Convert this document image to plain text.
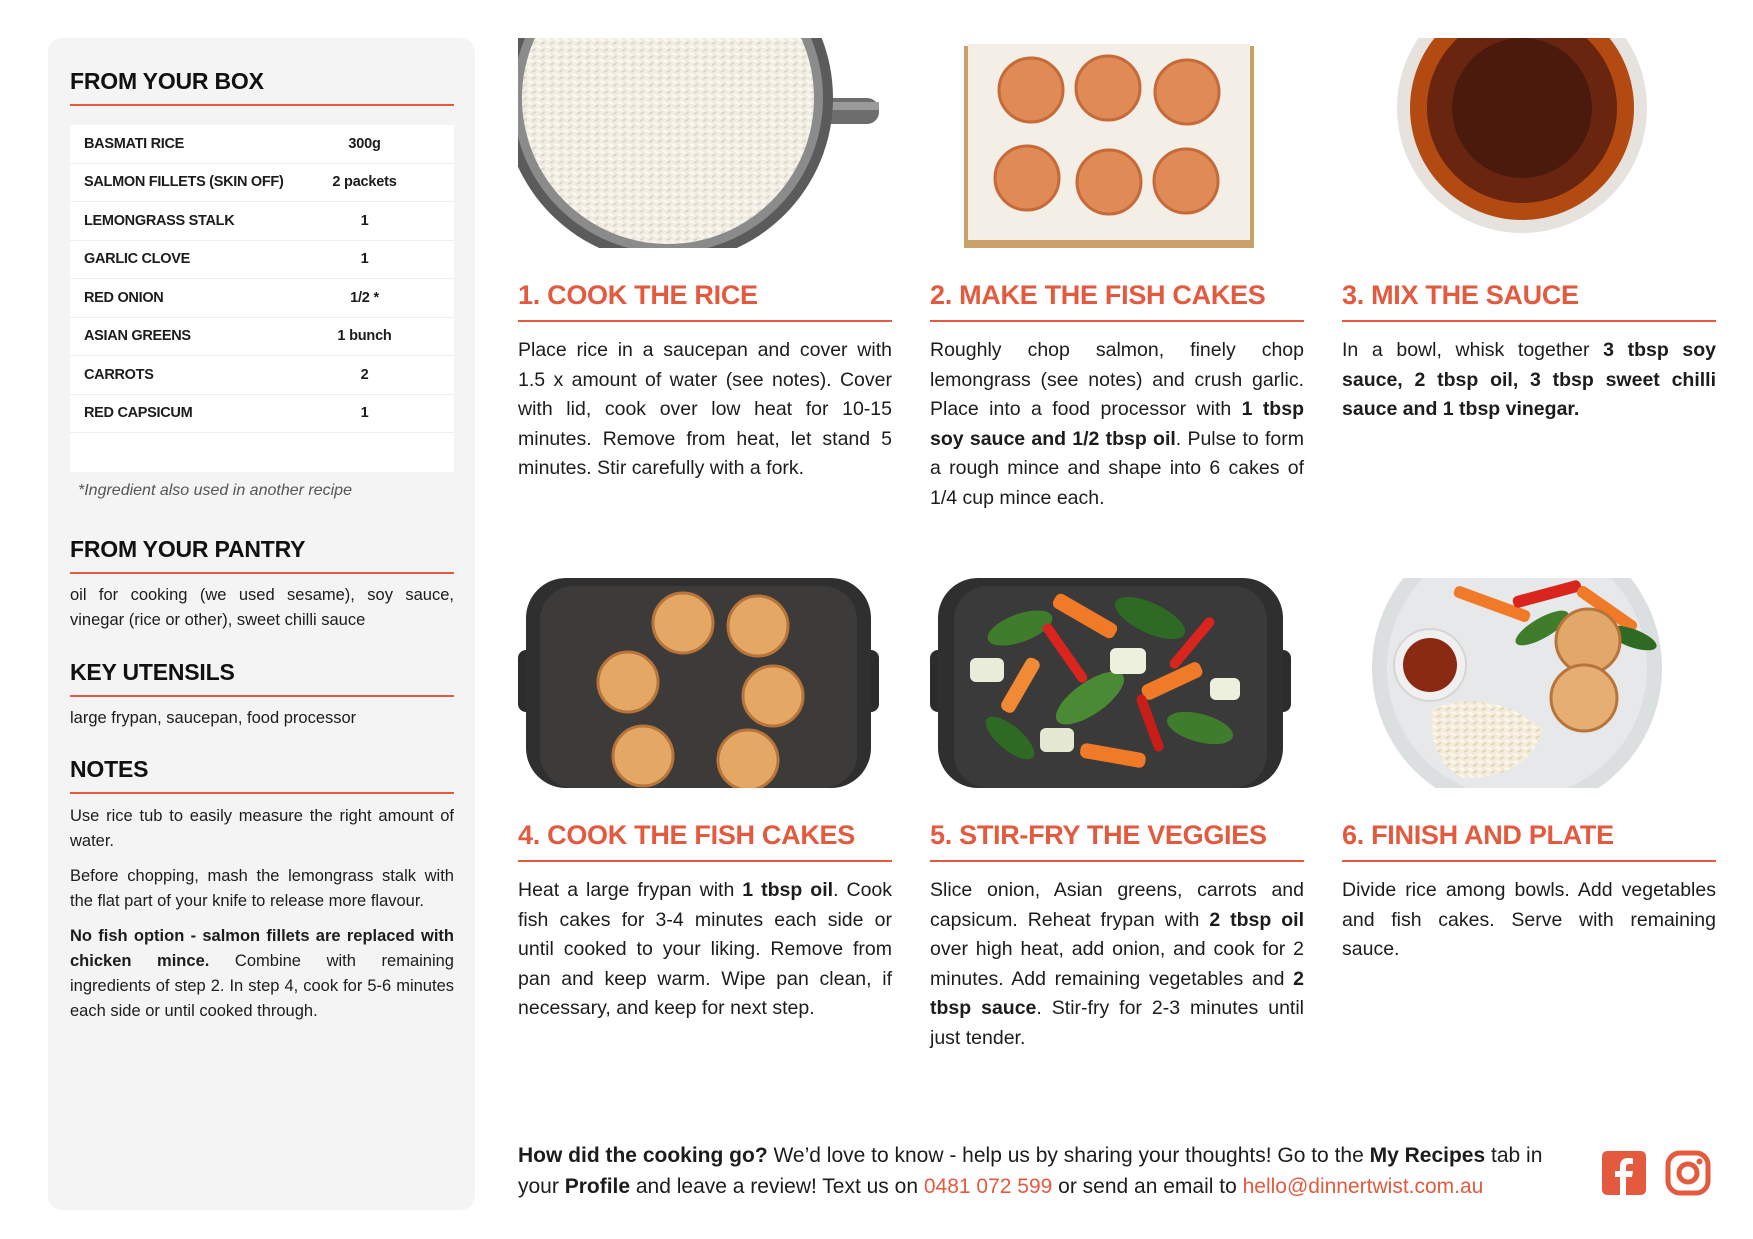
FROM YOUR BOX
BASMATI RICE	300g
SALMON FILLETS (SKIN OFF)	2 packets
LEMONGRASS STALK	1
GARLIC CLOVE	1
RED ONION	1/2 *
ASIAN GREENS	1 bunch
CARROTS	2
RED CAPSICUM	1
*Ingredient also used in another recipe
FROM YOUR PANTRY
oil for cooking (we used sesame), soy sauce, vinegar (rice or other), sweet chilli sauce
KEY UTENSILS
large frypan, saucepan, food processor
NOTES

Use rice tub to easily measure the right amount of water.

Before chopping, mash the lemongrass stalk with the flat part of your knife to release more flavour.

No fish option - salmon fillets are replaced with chicken mince. Combine with remaining ingredients of step 2. In step 4, cook for 5-6 minutes each side or until cooked through.

1. COOK THE RICE
Place rice in a saucepan and cover with 1.5 x amount of water (see notes). Cover with lid, cook over low heat for 10-15 minutes. Remove from heat, let stand 5 minutes. Stir carefully with a fork.
2. MAKE THE FISH CAKES
Roughly chop salmon, finely chop lemongrass (see notes) and crush garlic. Place into a food processor with 1 tbsp soy sauce and 1/2 tbsp oil. Pulse to form a rough mince and shape into 6 cakes of 1/4 cup mince each.
3. MIX THE SAUCE
In a bowl, whisk together 3 tbsp soy sauce, 2 tbsp oil, 3 tbsp sweet chilli sauce and 1 tbsp vinegar.
4. COOK THE FISH CAKES
Heat a large frypan with 1 tbsp oil. Cook fish cakes for 3-4 minutes each side or until cooked to your liking. Remove from pan and keep warm. Wipe pan clean, if necessary, and keep for next step.
5. STIR-FRY THE VEGGIES
Slice onion, Asian greens, carrots and capsicum. Reheat frypan with 2 tbsp oil over high heat, add onion, and cook for 2 minutes. Add remaining vegetables and 2 tbsp sauce. Stir-fry for 2-3 minutes until just tender.
6. FINISH AND PLATE
Divide rice among bowls. Add vegetables and fish cakes. Serve with remaining sauce.
How did the cooking go? We’d love to know - help us by sharing your thoughts! Go to the My Recipes tab in your Profile and leave a review! Text us on 0481 072 599 or send an email to hello@dinnertwist.com.au
